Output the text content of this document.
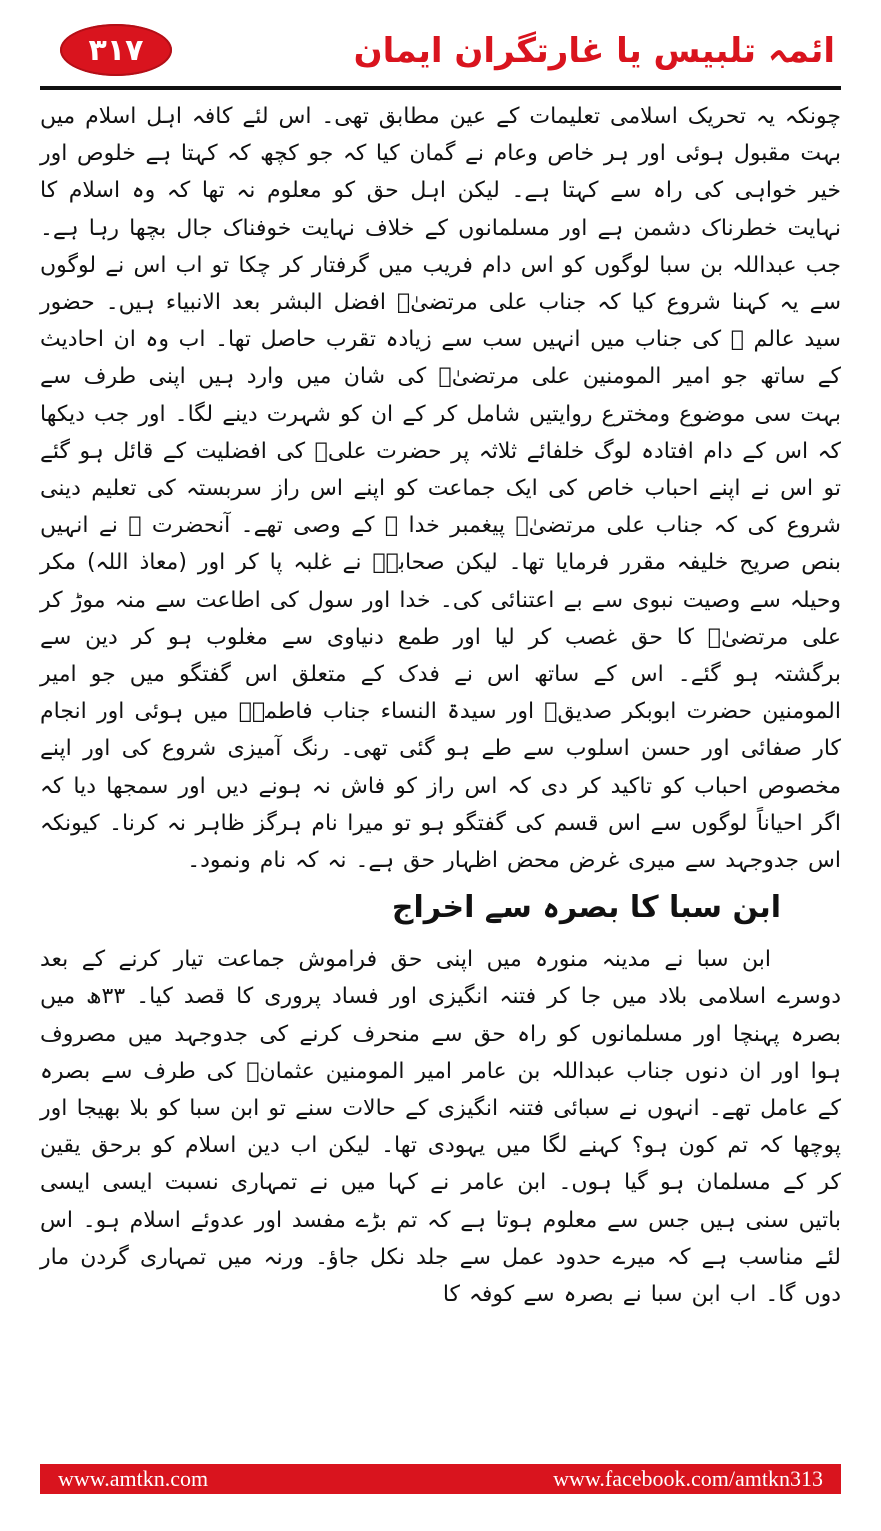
٣١٧	ائمہ تلبیس یا غارتگران ایمان

چونکہ یہ تحریک اسلامی تعلیمات کے عین مطابق تھی۔ اس لئے کافہ اہل اسلام میں بہت مقبول ہوئی اور ہر خاص وعام نے گمان کیا کہ جو کچھ کہ کہتا ہے خلوص اور خیر خواہی کی راہ سے کہتا ہے۔ لیکن اہل حق کو معلوم نہ تھا کہ وہ اسلام کا نہایت خطرناک دشمن ہے اور مسلمانوں کے خلاف نہایت خوفناک جال بچھا رہا ہے۔ جب عبداللہ بن سبا لوگوں کو اس دام فریب میں گرفتار کر چکا تو اب اس نے لوگوں سے یہ کہنا شروع کیا کہ جناب علی مرتضیٰؓ افضل البشر بعد الانبیاء ہیں۔ حضور سید عالم ﷺ کی جناب میں انہیں سب سے زیادہ تقرب حاصل تھا۔ اب وہ ان احادیث کے ساتھ جو امیر المومنین علی مرتضیٰؓ کی شان میں وارد ہیں اپنی طرف سے بہت سی موضوع ومخترع روایتیں شامل کر کے ان کو شہرت دینے لگا۔ اور جب دیکھا کہ اس کے دام افتادہ لوگ خلفائے ثلاثہ پر حضرت علیؓ کی افضلیت کے قائل ہو گئے تو اس نے اپنے احباب خاص کی ایک جماعت کو اپنے اس راز سربستہ کی تعلیم دینی شروع کی کہ جناب علی مرتضیٰؓ پیغمبر خدا ﷺ کے وصی تھے۔ آنحضرت ﷺ نے انہیں بنص صریح خلیفہ مقرر فرمایا تھا۔ لیکن صحابہؓ نے غلبہ پا کر اور (معاذ اللہ) مکر وحیلہ سے وصیت نبوی سے بے اعتنائی کی۔ خدا اور سول کی اطاعت سے منہ موڑ کر علی مرتضیٰؓ کا حق غصب کر لیا اور طمع دنیاوی سے مغلوب ہو کر دین سے برگشتہ ہو گئے۔ اس کے ساتھ اس نے فدک کے متعلق اس گفتگو میں جو امیر المومنین حضرت ابوبکر صدیقؓ اور سیدۃ النساء جناب فاطمہؓ میں ہوئی اور انجام کار صفائی اور حسن اسلوب سے طے ہو گئی تھی۔ رنگ آمیزی شروع کی اور اپنے مخصوص احباب کو تاکید کر دی کہ اس راز کو فاش نہ ہونے دیں اور سمجھا دیا کہ اگر احیاناً لوگوں سے اس قسم کی گفتگو ہو تو میرا نام ہرگز ظاہر نہ کرنا۔ کیونکہ اس جدوجہد سے میری غرض محض اظہار حق ہے۔ نہ کہ نام ونمود۔

ابن سبا کا بصرہ سے اخراج

ابن سبا نے مدینہ منورہ میں اپنی حق فراموش جماعت تیار کرنے کے بعد دوسرے اسلامی بلاد میں جا کر فتنہ انگیزی اور فساد پروری کا قصد کیا۔ ٣٣ھ میں بصرہ پہنچا اور مسلمانوں کو راہ حق سے منحرف کرنے کی جدوجہد میں مصروف ہوا اور ان دنوں جناب عبداللہ بن عامر امیر المومنین عثمانؓ کی طرف سے بصرہ کے عامل تھے۔ انہوں نے سبائی فتنہ انگیزی کے حالات سنے تو ابن سبا کو بلا بھیجا اور پوچھا کہ تم کون ہو؟ کہنے لگا میں یہودی تھا۔ لیکن اب دین اسلام کو برحق یقین کر کے مسلمان ہو گیا ہوں۔ ابن عامر نے کہا میں نے تمہاری نسبت ایسی ایسی باتیں سنی ہیں جس سے معلوم ہوتا ہے کہ تم بڑے مفسد اور عدوئے اسلام ہو۔ اس لئے مناسب ہے کہ میرے حدود عمل سے جلد نکل جاؤ۔ ورنہ میں تمہاری گردن مار دوں گا۔ اب ابن سبا نے بصرہ سے کوفہ کا

www.amtkn.com	www.facebook.com/amtkn313
